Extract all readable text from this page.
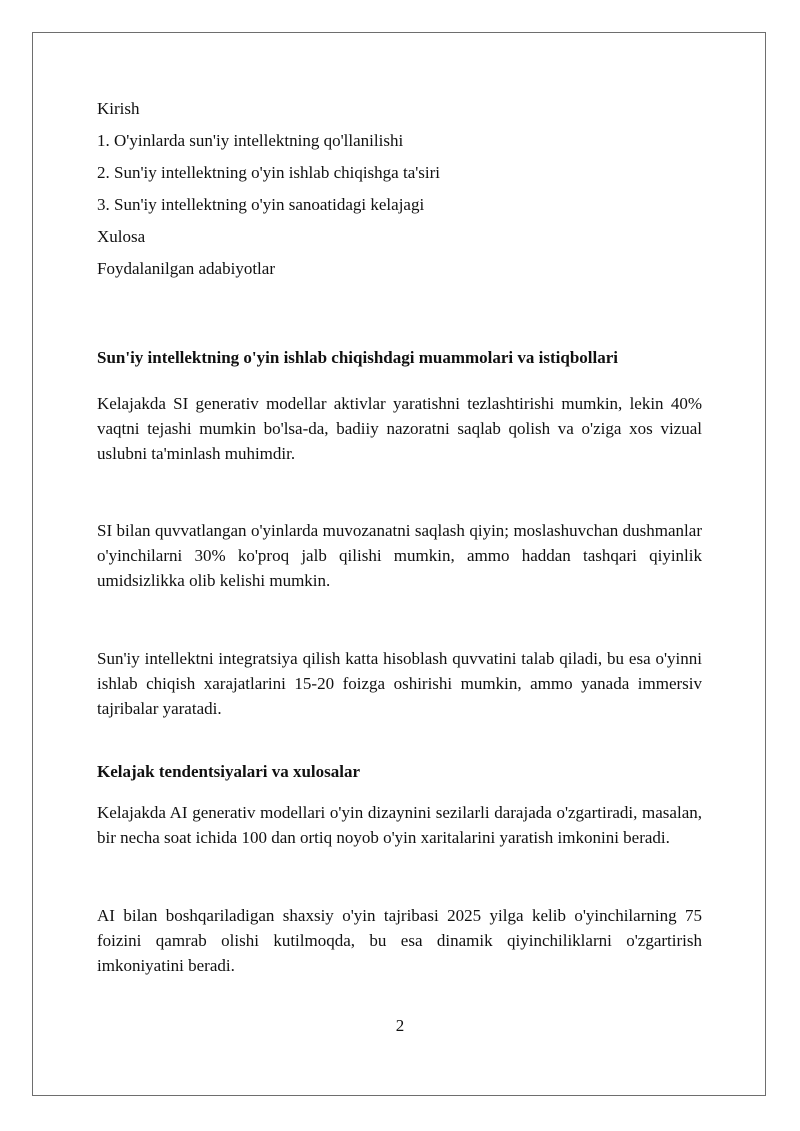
Kirish

1. O'yinlarda sun'iy intellektning qo'llanilishi

2. Sun'iy intellektning o'yin ishlab chiqishga ta'siri

3. Sun'iy intellektning o'yin sanoatidagi kelajagi

Xulosa

Foydalanilgan adabiyotlar

Sun'iy intellektning o'yin ishlab chiqishdagi muammolari va istiqbollari

Kelajakda SI generativ modellar aktivlar yaratishni tezlashtirishi mumkin, lekin 40% vaqtni tejashi mumkin bo'lsa-da, badiiy nazoratni saqlab qolish va o'ziga xos vizual uslubni ta'minlash muhimdir.

SI bilan quvvatlangan o'yinlarda muvozanatni saqlash qiyin; moslashuvchan dushmanlar o'yinchilarni 30% ko'proq jalb qilishi mumkin, ammo haddan tashqari qiyinlik umidsizlikka olib kelishi mumkin.

Sun'iy intellektni integratsiya qilish katta hisoblash quvvatini talab qiladi, bu esa o'yinni ishlab chiqish xarajatlarini 15-20 foizga oshirishi mumkin, ammo yanada immersiv tajribalar yaratadi.

Kelajak tendentsiyalari va xulosalar

Kelajakda AI generativ modellari o'yin dizaynini sezilarli darajada o'zgartiradi, masalan, bir necha soat ichida 100 dan ortiq noyob o'yin xaritalarini yaratish imkonini beradi.

AI bilan boshqariladigan shaxsiy o'yin tajribasi 2025 yilga kelib o'yinchilarning 75 foizini qamrab olishi kutilmoqda, bu esa dinamik qiyinchiliklarni o'zgartirish imkoniyatini beradi.

2
